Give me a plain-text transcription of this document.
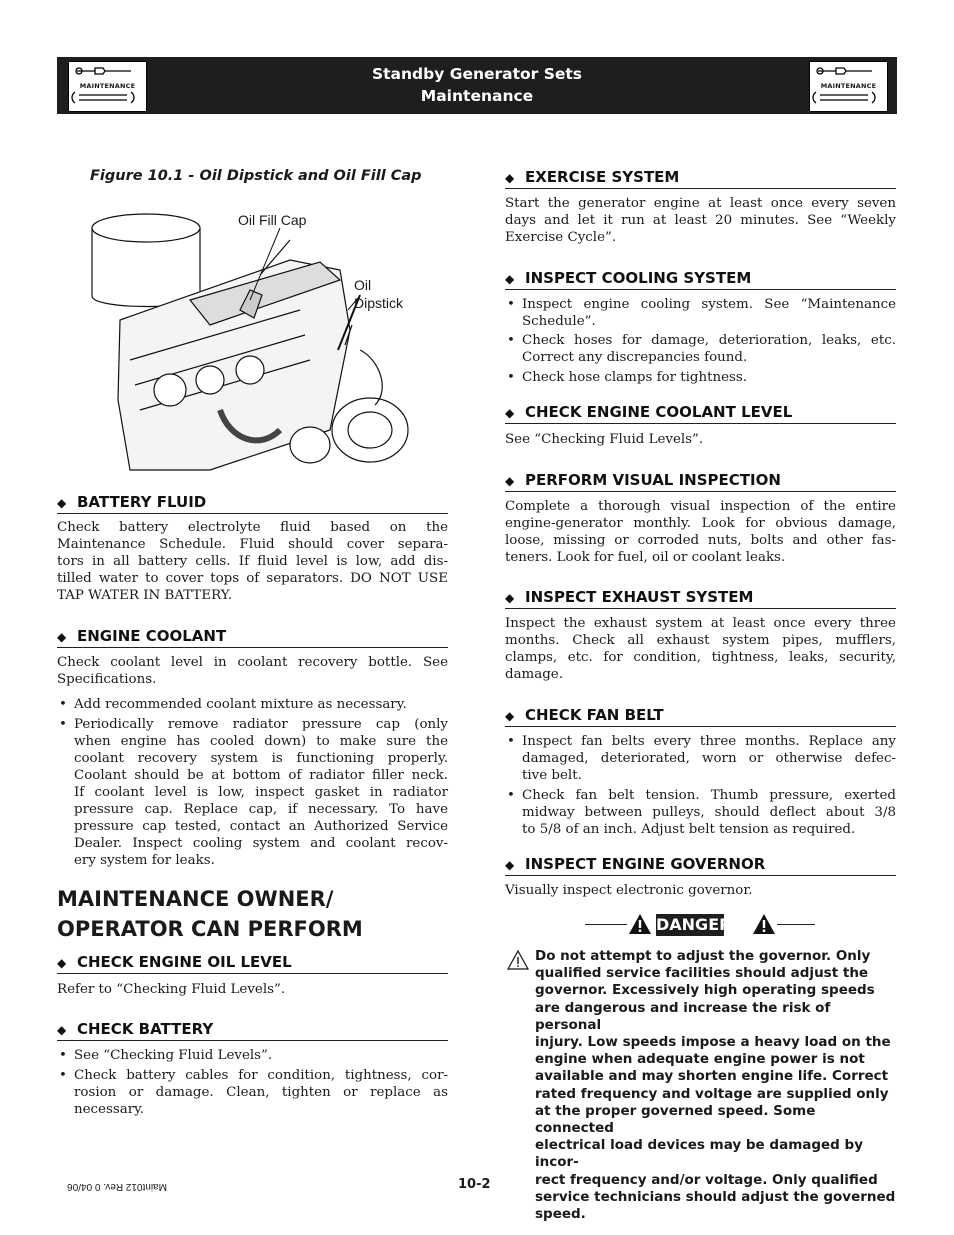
MAINTENANCE
Standby Generator Sets
Maintenance
MAINTENANCE
Figure 10.1 - Oil Dipstick and Oil Fill Cap
Oil Fill Cap
Oil
Dipstick
◆ BATTERY FLUID
Check battery electrolyte fluid based on the
Maintenance Schedule. Fluid should cover separa-
tors in all battery cells. If fluid level is low, add dis-
tilled water to cover tops of separators. DO NOT USE
TAP WATER IN BATTERY.
◆ ENGINE COOLANT
Check coolant level in coolant recovery bottle. See
Specifications.
• Add recommended coolant mixture as necessary.
• Periodically remove radiator pressure cap (only
when engine has cooled down) to make sure the
coolant recovery system is functioning properly.
Coolant should be at bottom of radiator filler neck.
If coolant level is low, inspect gasket in radiator
pressure cap. Replace cap, if necessary. To have
pressure cap tested, contact an Authorized Service
Dealer. Inspect cooling system and coolant recov-
ery system for leaks.
MAINTENANCE OWNER/
OPERATOR CAN PERFORM
◆ CHECK ENGINE OIL LEVEL
Refer to “Checking Fluid Levels”.
◆ CHECK BATTERY
• See “Checking Fluid Levels”.
• Check battery cables for condition, tightness, cor-
rosion or damage. Clean, tighten or replace as
necessary.
◆ EXERCISE SYSTEM
Start the generator engine at least once every seven
days and let it run at least 20 minutes. See “Weekly
Exercise Cycle”.
◆ INSPECT COOLING SYSTEM
• Inspect engine cooling system. See “Maintenance
Schedule”.
• Check hoses for damage, deterioration, leaks, etc.
Correct any discrepancies found.
• Check hose clamps for tightness.
◆ CHECK ENGINE COOLANT LEVEL
See “Checking Fluid Levels”.
◆ PERFORM VISUAL INSPECTION
Complete a thorough visual inspection of the entire
engine-generator monthly. Look for obvious damage,
loose, missing or corroded nuts, bolts and other fas-
teners. Look for fuel, oil or coolant leaks.
◆ INSPECT EXHAUST SYSTEM
Inspect the exhaust system at least once every three
months. Check all exhaust system pipes, mufflers,
clamps, etc. for condition, tightness, leaks, security,
damage.
◆ CHECK FAN BELT
• Inspect fan belts every three months. Replace any
damaged, deteriorated, worn or otherwise defec-
tive belt.
• Check fan belt tension. Thumb pressure, exerted
midway between pulleys, should deflect about 3/8
to 5/8 of an inch. Adjust belt tension as required.
◆ INSPECT ENGINE GOVERNOR
Visually inspect electronic governor.
DANGER
Do not attempt to adjust the governor. Only
qualified service facilities should adjust the
governor. Excessively high operating speeds
are dangerous and increase the risk of personal
injury. Low speeds impose a heavy load on the
engine when adequate engine power is not
available and may shorten engine life. Correct
rated frequency and voltage are supplied only
at the proper governed speed. Some connected
electrical load devices may be damaged by incor-
rect frequency and/or voltage. Only qualified
service technicians should adjust the governed
speed.
Maint012 Rev. 0 04/06	10-2
